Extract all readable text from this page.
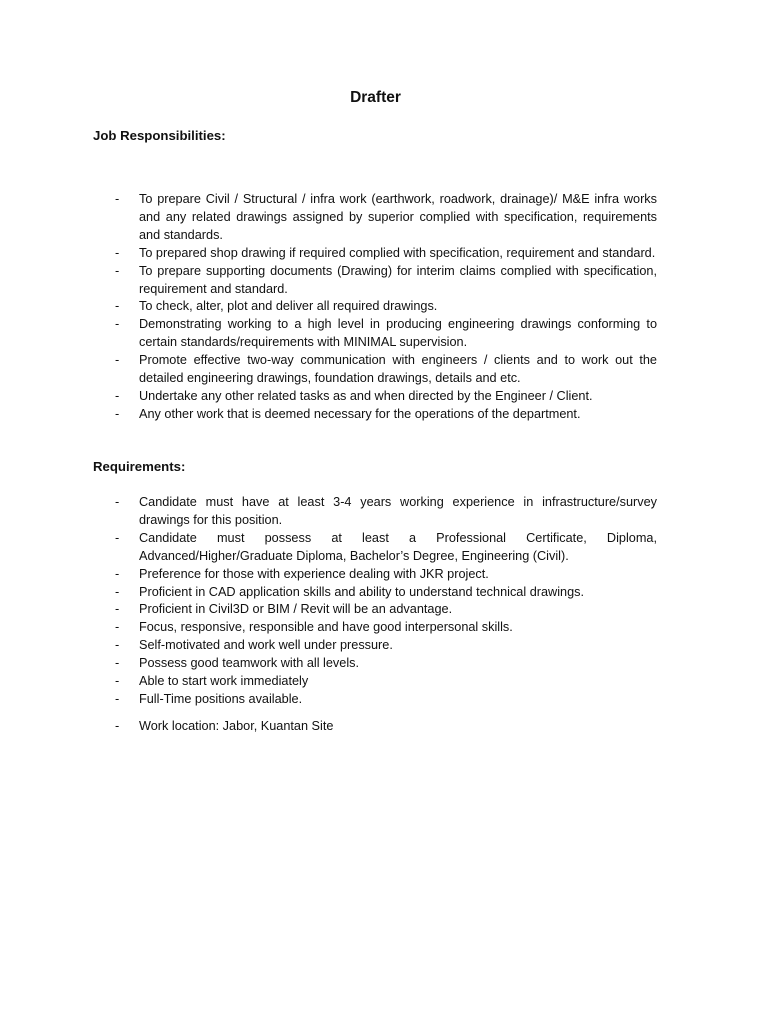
Drafter
Job Responsibilities:
- To prepare Civil / Structural / infra work (earthwork, roadwork, drainage)/ M&E infra works and any related drawings assigned by superior complied with specification, requirements and standards.
- To prepared shop drawing if required complied with specification, requirement and standard.
- To prepare supporting documents (Drawing) for interim claims complied with specification, requirement and standard.
- To check, alter, plot and deliver all required drawings.
- Demonstrating working to a high level in producing engineering drawings conforming to certain standards/requirements with MINIMAL supervision.
- Promote effective two-way communication with engineers / clients and to work out the detailed engineering drawings, foundation drawings, details and etc.
- Undertake any other related tasks as and when directed by the Engineer / Client.
- Any other work that is deemed necessary for the operations of the department.
Requirements:
- Candidate must have at least 3-4 years working experience in infrastructure/survey drawings for this position.
- Candidate must possess at least a Professional Certificate, Diploma, Advanced/Higher/Graduate Diploma, Bachelor’s Degree, Engineering (Civil).
- Preference for those with experience dealing with JKR project.
- Proficient in CAD application skills and ability to understand technical drawings.
- Proficient in Civil3D or BIM / Revit will be an advantage.
- Focus, responsive, responsible and have good interpersonal skills.
- Self-motivated and work well under pressure.
- Possess good teamwork with all levels.
- Able to start work immediately
- Full-Time positions available.
- Work location: Jabor, Kuantan Site
